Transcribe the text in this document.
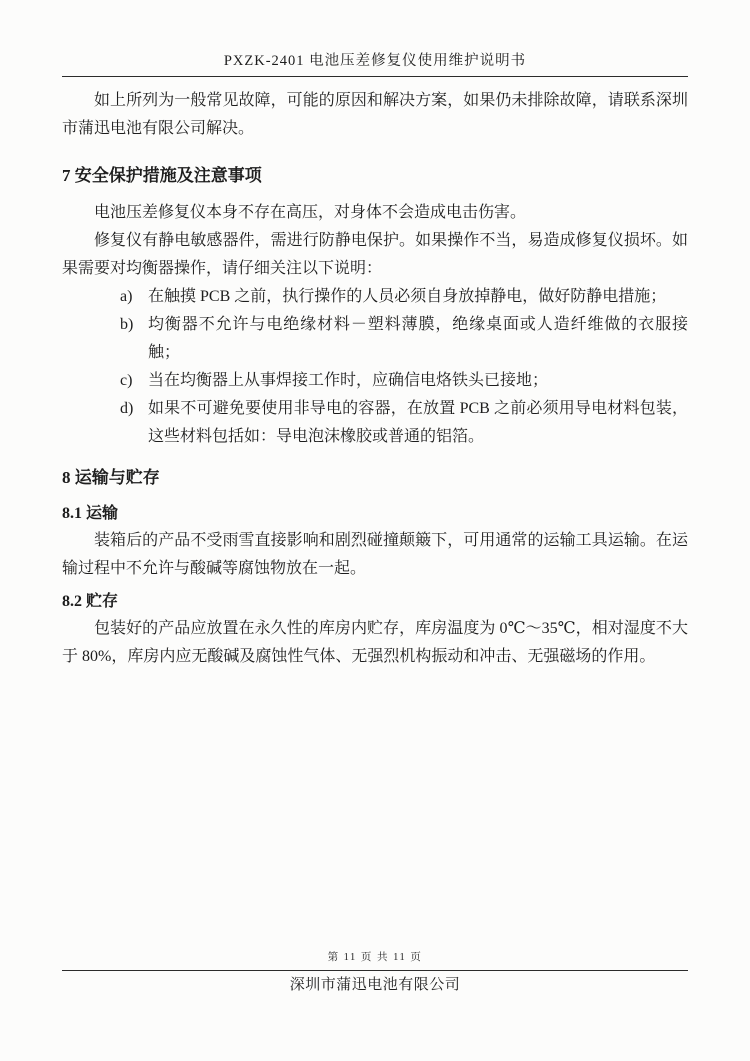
PXZK-2401 电池压差修复仪使用维护说明书

如上所列为一般常见故障，可能的原因和解决方案，如果仍未排除故障，请联系深圳市蒲迅电池有限公司解决。

7 安全保护措施及注意事项

电池压差修复仪本身不存在高压，对身体不会造成电击伤害。

修复仪有静电敏感器件，需进行防静电保护。如果操作不当，易造成修复仪损坏。如果需要对均衡器操作，请仔细关注以下说明：

a) 在触摸 PCB 之前，执行操作的人员必须自身放掉静电，做好防静电措施；
b) 均衡器不允许与电绝缘材料－塑料薄膜，绝缘桌面或人造纤维做的衣服接触；
c) 当在均衡器上从事焊接工作时，应确信电烙铁头已接地；
d) 如果不可避免要使用非导电的容器，在放置 PCB 之前必须用导电材料包装，这些材料包括如：导电泡沫橡胶或普通的铝箔。
8 运输与贮存
8.1 运输

装箱后的产品不受雨雪直接影响和剧烈碰撞颠簸下，可用通常的运输工具运输。在运输过程中不允许与酸碱等腐蚀物放在一起。

8.2 贮存

包装好的产品应放置在永久性的库房内贮存，库房温度为 0℃～35℃，相对湿度不大于 80%，库房内应无酸碱及腐蚀性气体、无强烈机构振动和冲击、无强磁场的作用。

第 11 页 共 11 页
深圳市蒲迅电池有限公司
